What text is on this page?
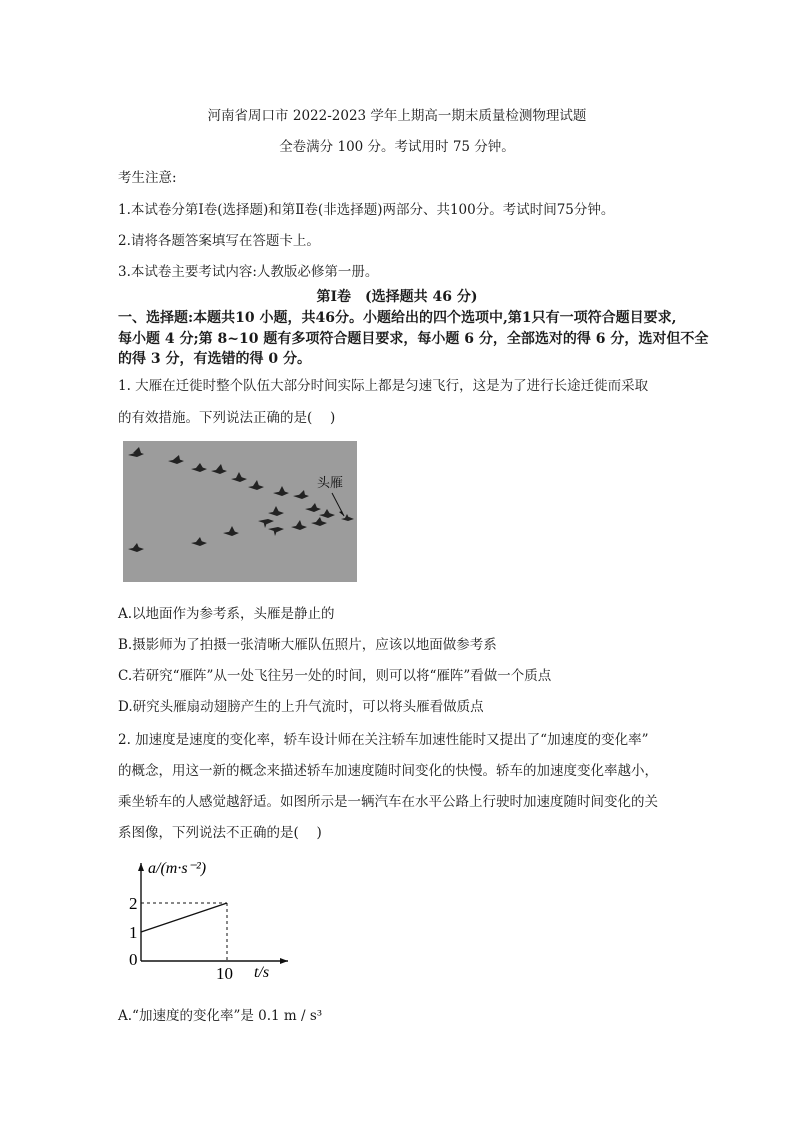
河南省周口市 2022-2023 学年上期高一期末质量检测物理试题
全卷满分 100 分。考试用时 75 分钟。
考生注意:
1.本试卷分第Ⅰ卷(选择题)和第Ⅱ卷(非选择题)两部分、共100分。考试时间75分钟。
2.请将各题答案填写在答题卡上。
3.本试卷主要考试内容:人教版必修第一册。
第Ⅰ卷　(选择题共 46 分)
一、选择题:本题共10 小题，共46分。小题给出的四个选项中,第1只有一项符合题目要求,
每小题 4 分;第 8~10 题有多项符合题目要求，每小题 6 分，全部选对的得 6 分，选对但不全
的得 3 分，有选错的得 0 分。
1. 大雁在迁徙时整个队伍大部分时间实际上都是匀速飞行，这是为了进行长途迁徙而采取
的有效措施。下列说法正确的是(　 )
头雁
A.以地面作为参考系，头雁是静止的
B.摄影师为了拍摄一张清晰大雁队伍照片，应该以地面做参考系
C.若研究“雁阵”从一处飞往另一处的时间，则可以将“雁阵”看做一个质点
D.研究头雁扇动翅膀产生的上升气流时，可以将头雁看做质点
2. 加速度是速度的变化率，轿车设计师在关注轿车加速性能时又提出了“加速度的变化率”
的概念，用这一新的概念来描述轿车加速度随时间变化的快慢。轿车的加速度变化率越小，
乘坐轿车的人感觉越舒适。如图所示是一辆汽车在水平公路上行驶时加速度随时间变化的关
系图像，下列说法不正确的是(　 )
0
1
2
10
a/(m·s⁻²)
t/s
A.“加速度的变化率”是 0.1 m / s³
